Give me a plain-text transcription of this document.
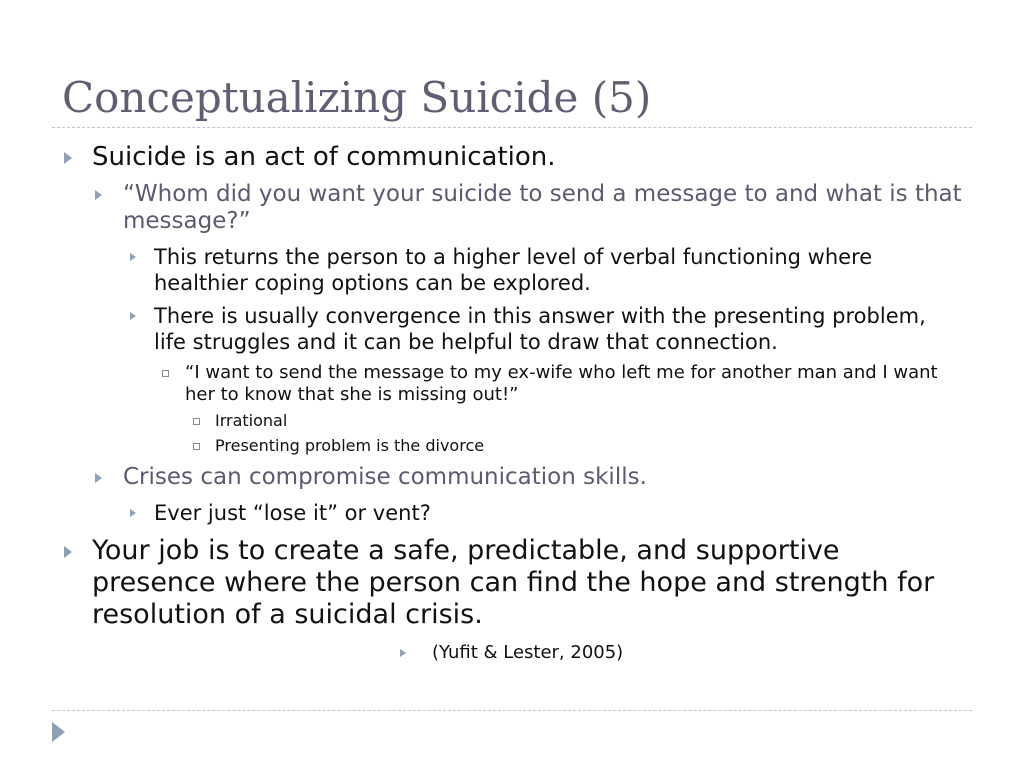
Conceptualizing Suicide (5)
Suicide is an act of communication.
“Whom did you want your suicide to send a message to and what is that message?”
This returns the person to a higher level of verbal functioning where healthier coping options can be explored.
There is usually convergence in this answer with the presenting problem, life struggles and it can be helpful to draw that connection.
“I want to send the message to my ex-wife who left me for another man and I want her to know that she is missing out!”
Irrational
Presenting problem is the divorce
Crises can compromise communication skills.
Ever just “lose it” or vent?
Your job is to create a safe, predictable, and supportive presence where the person can find the hope and strength for resolution of a suicidal crisis.
(Yufit & Lester, 2005)
